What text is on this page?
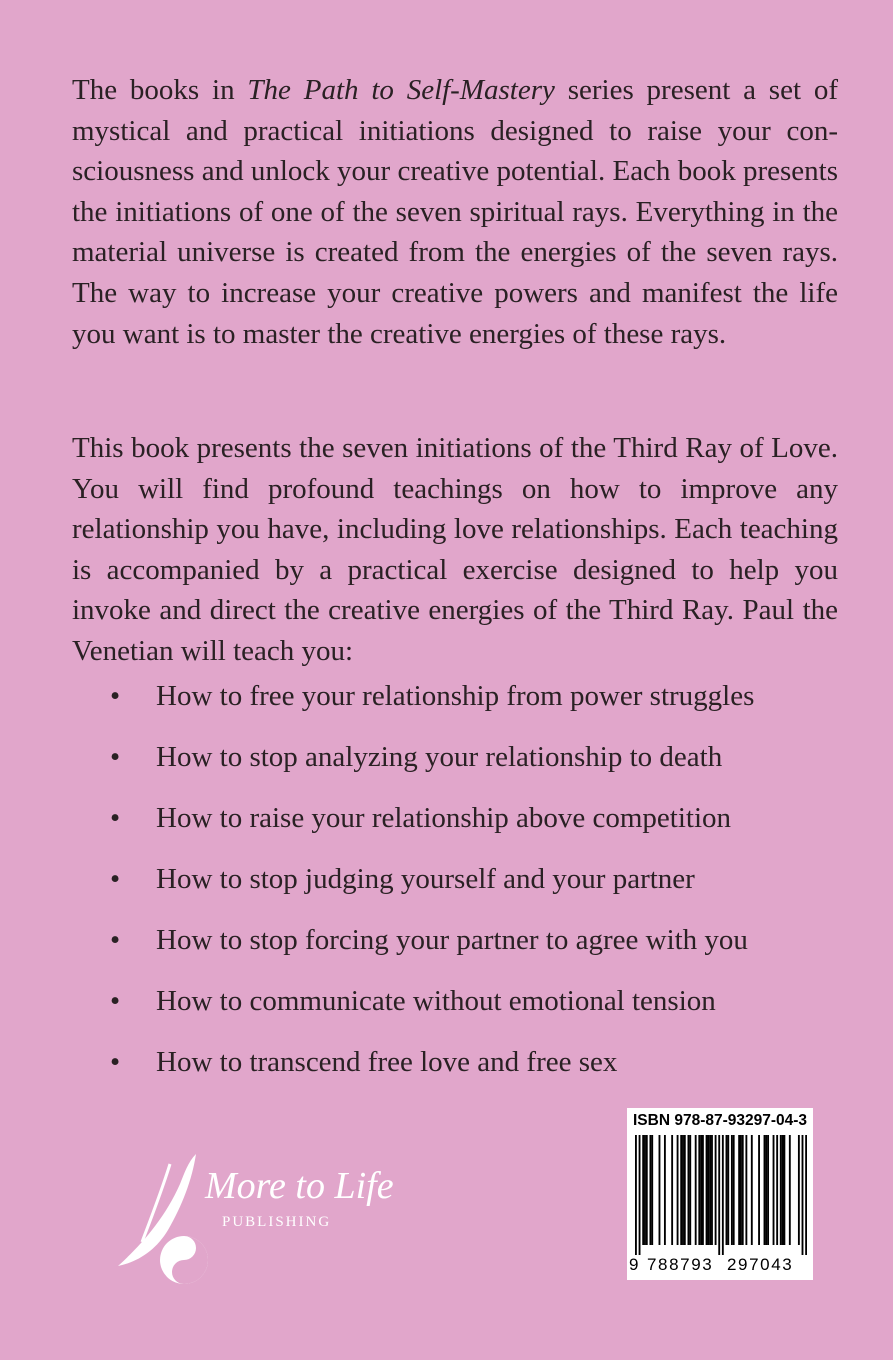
The books in The Path to Self-Mastery series present a set of mystical and practical initiations designed to raise your consciousness and unlock your creative potential. Each book presents the initiations of one of the seven spiritual rays. Everything in the material universe is created from the energies of the seven rays. The way to increase your creative powers and manifest the life you want is to master the creative energies of these rays.

This book presents the seven initiations of the Third Ray of Love. You will find profound teachings on how to improve any relationship you have, including love relationships. Each teaching is accompanied by a practical exercise designed to help you invoke and direct the creative energies of the Third Ray. Paul the Venetian will teach you:

• How to free your relationship from power struggles
• How to stop analyzing your relationship to death
• How to raise your relationship above competition
• How to stop judging yourself and your partner
• How to stop forcing your partner to agree with you
• How to communicate without emotional tension
• How to transcend free love and free sex
More to Life
PUBLISHING
ISBN 978-87-93297-04-3
9 788793 297043
